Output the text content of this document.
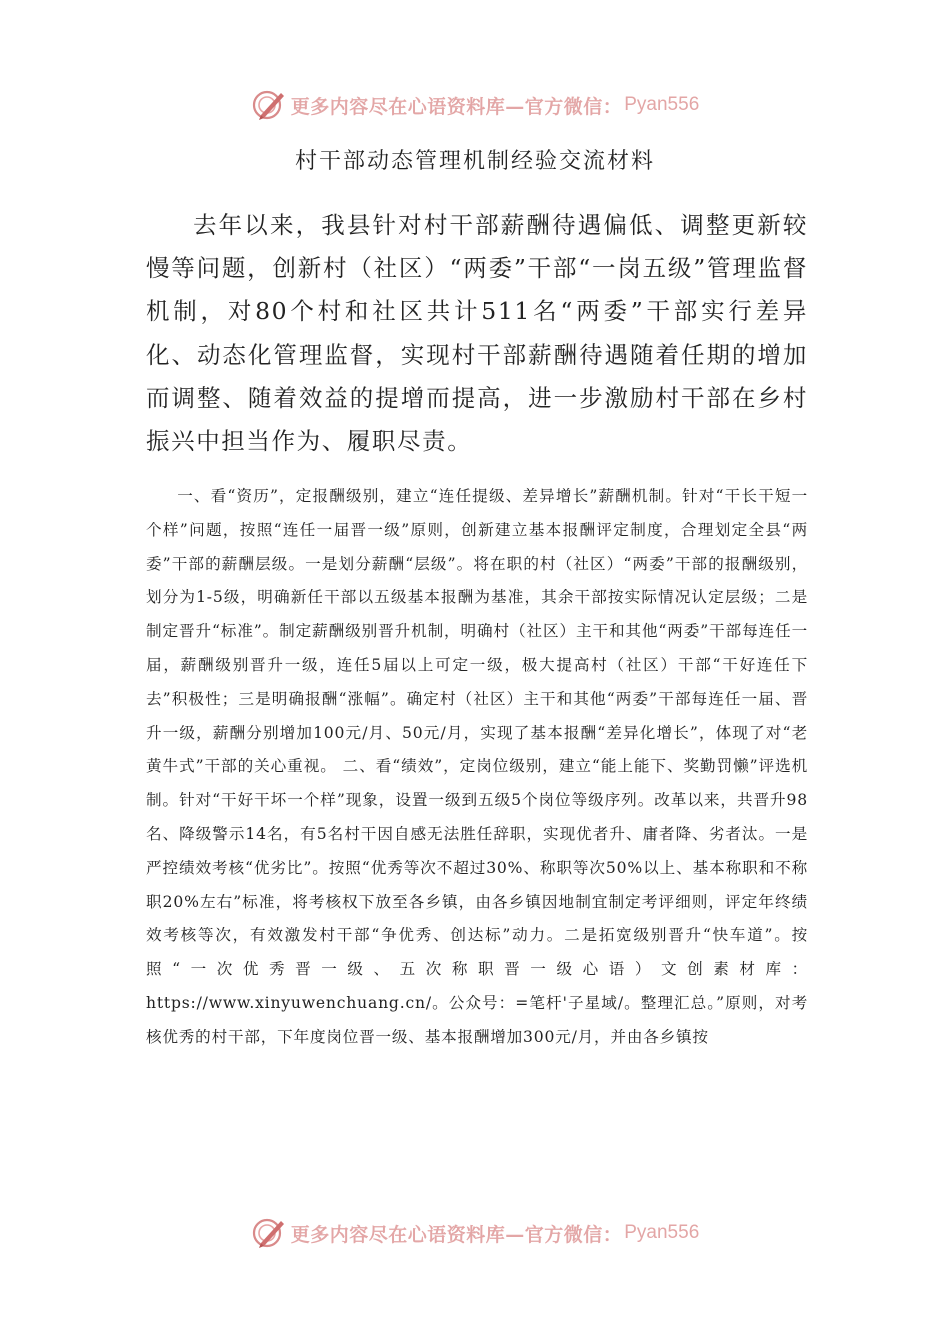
更多内容尽在心语资料库—官方微信： Pyan556
村干部动态管理机制经验交流材料

去年以来，我县针对村干部薪酬待遇偏低、调整更新较慢等问题，创新村（社区）“两委”干部“一岗五级”管理监督机制，对80个村和社区共计511名“两委”干部实行差异化、动态化管理监督，实现村干部薪酬待遇随着任期的增加而调整、随着效益的提增而提高，进一步激励村干部在乡村振兴中担当作为、履职尽责。

一、看“资历”，定报酬级别，建立“连任提级、差异增长”薪酬机制。针对“干长干短一个样”问题，按照“连任一届晋一级”原则，创新建立基本报酬评定制度，合理划定全县“两委”干部的薪酬层级。一是划分薪酬“层级”。将在职的村（社区）“两委”干部的报酬级别，划分为1-5级，明确新任干部以五级基本报酬为基准，其余干部按实际情况认定层级；二是制定晋升“标准”。制定薪酬级别晋升机制，明确村（社区）主干和其他“两委”干部每连任一届，薪酬级别晋升一级，连任5届以上可定一级，极大提高村（社区）干部“干好连任下去”积极性；三是明确报酬“涨幅”。确定村（社区）主干和其他“两委”干部每连任一届、晋升一级，薪酬分别增加100元/月、50元/月，实现了基本报酬“差异化增长”，体现了对“老黄牛式”干部的关心重视。 二、看“绩效”，定岗位级别，建立“能上能下、奖勤罚懒”评选机制。针对“干好干坏一个样”现象，设置一级到五级5个岗位等级序列。改革以来，共晋升98名、降级警示14名，有5名村干因自感无法胜任辞职，实现优者升、庸者降、劣者汰。一是严控绩效考核“优劣比”。按照“优秀等次不超过30%、称职等次50%以上、基本称职和不称职20%左右”标准，将考核权下放至各乡镇，由各乡镇因地制宜制定考评细则，评定年终绩效考核等次，有效激发村干部“争优秀、创达标”动力。二是拓宽级别晋升“快车道”。按照“一次优秀晋一级、五次称职晋一级心语）文创素材库：https://www.xinyuwenchuang.cn/。公众号：=笔杆'子星域/。整理汇总。”原则，对考核优秀的村干部，下年度岗位晋一级、基本报酬增加300元/月，并由各乡镇按

更多内容尽在心语资料库—官方微信： Pyan556
